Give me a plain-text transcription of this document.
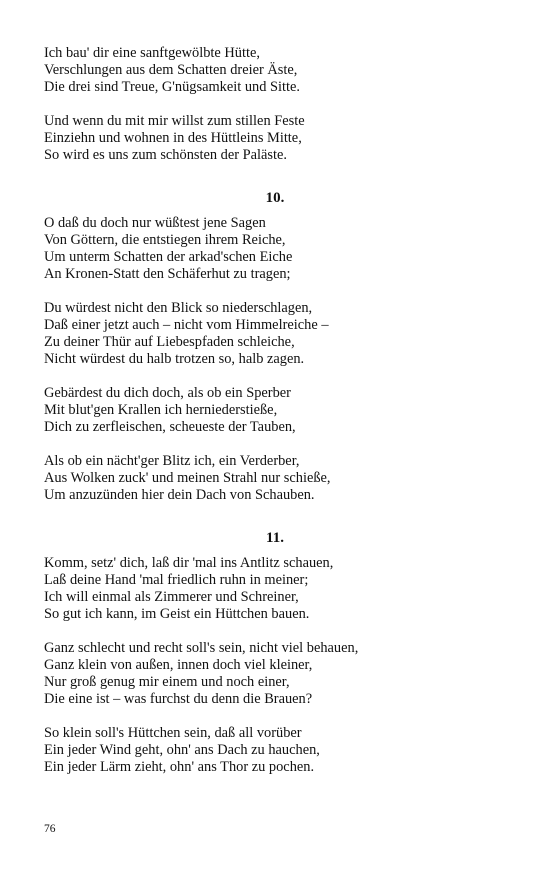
Ich bau' dir eine sanftgewölbte Hütte,
Verschlungen aus dem Schatten dreier Äste,
Die drei sind Treue, G'nügsamkeit und Sitte.
Und wenn du mit mir willst zum stillen Feste
Einziehn und wohnen in des Hüttleins Mitte,
So wird es uns zum schönsten der Paläste.
10.
O daß du doch nur wüßtest jene Sagen
Von Göttern, die entstiegen ihrem Reiche,
Um unterm Schatten der arkad'schen Eiche
An Kronen-Statt den Schäferhut zu tragen;
Du würdest nicht den Blick so niederschlagen,
Daß einer jetzt auch – nicht vom Himmelreiche –
Zu deiner Thür auf Liebespfaden schleiche,
Nicht würdest du halb trotzen so, halb zagen.
Gebärdest du dich doch, als ob ein Sperber
Mit blut'gen Krallen ich herniederstieße,
Dich zu zerfleischen, scheueste der Tauben,
Als ob ein nächt'ger Blitz ich, ein Verderber,
Aus Wolken zuck' und meinen Strahl nur schieße,
Um anzuzünden hier dein Dach von Schauben.
11.
Komm, setz' dich, laß dir 'mal ins Antlitz schauen,
Laß deine Hand 'mal friedlich ruhn in meiner;
Ich will einmal als Zimmerer und Schreiner,
So gut ich kann, im Geist ein Hüttchen bauen.
Ganz schlecht und recht soll's sein, nicht viel behauen,
Ganz klein von außen, innen doch viel kleiner,
Nur groß genug mir einem und noch einer,
Die eine ist – was furchst du denn die Brauen?
So klein soll's Hüttchen sein, daß all vorüber
Ein jeder Wind geht, ohn' ans Dach zu hauchen,
Ein jeder Lärm zieht, ohn' ans Thor zu pochen.
76
